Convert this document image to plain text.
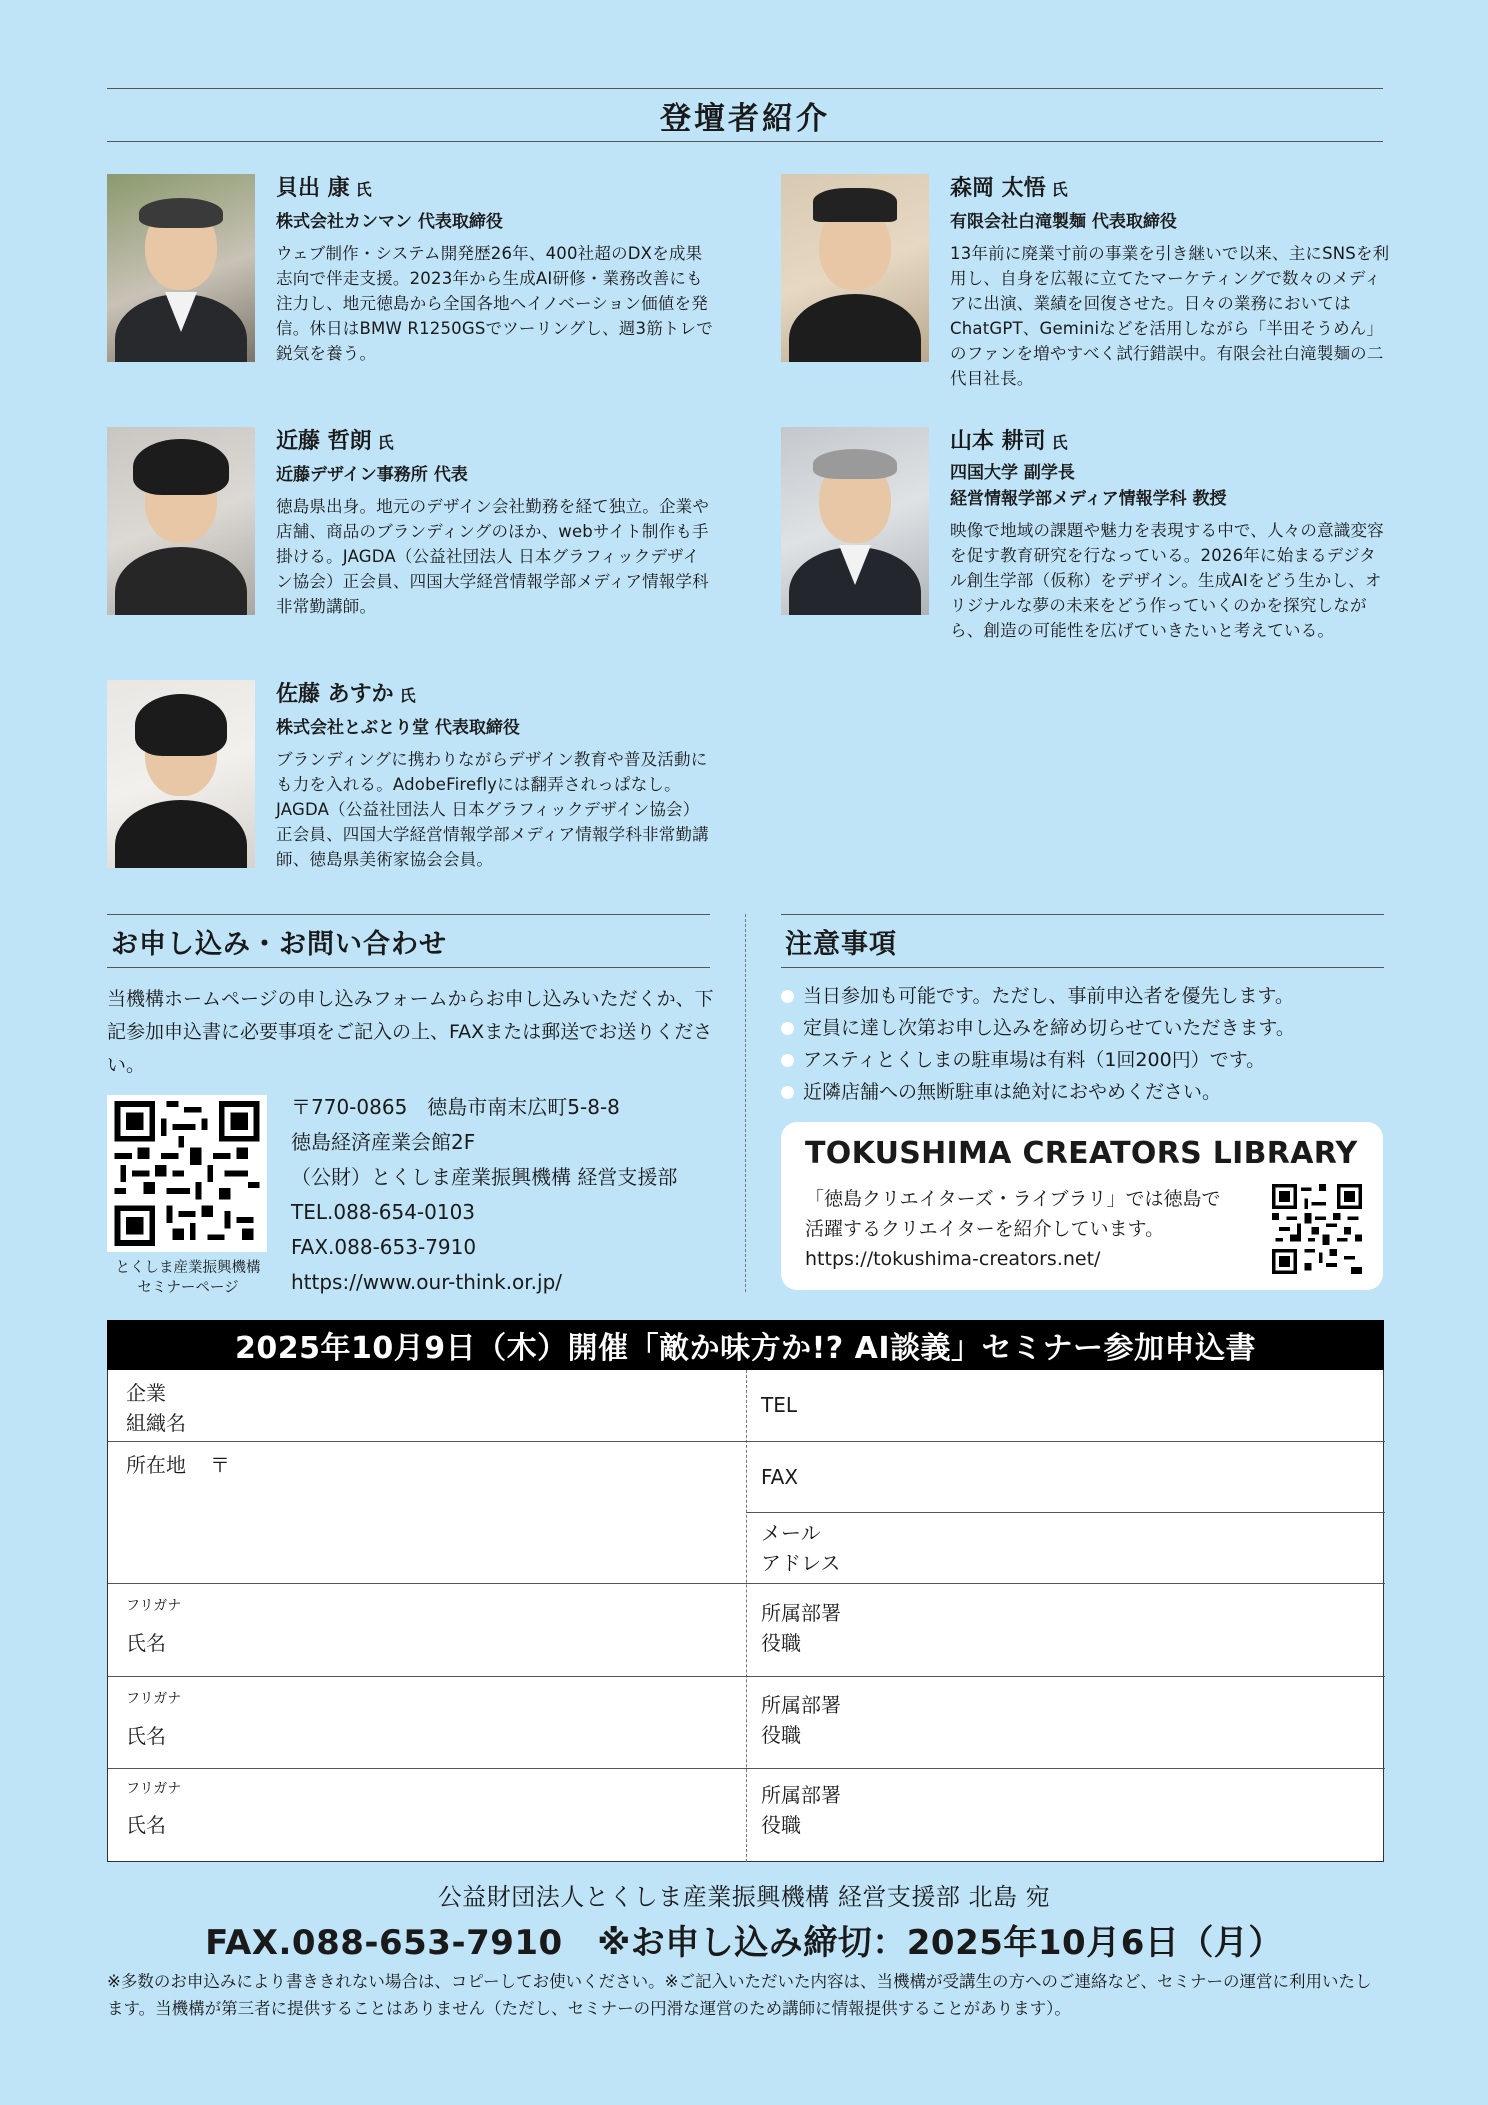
登壇者紹介
貝出 康 氏
株式会社カンマン 代表取締役
ウェブ制作・システム開発歴26年、400社超のDXを成果志向で伴走支援。2023年から生成AI研修・業務改善にも注力し、地元徳島から全国各地へイノベーション価値を発信。休日はBMW R1250GSでツーリングし、週3筋トレで鋭気を養う。
森岡 太悟 氏
有限会社白滝製麺 代表取締役
13年前に廃業寸前の事業を引き継いで以来、主にSNSを利用し、自身を広報に立てたマーケティングで数々のメディアに出演、業績を回復させた。日々の業務においてはChatGPT、Geminiなどを活用しながら「半田そうめん」のファンを増やすべく試行錯誤中。有限会社白滝製麺の二代目社長。
近藤 哲朗 氏
近藤デザイン事務所 代表
徳島県出身。地元のデザイン会社勤務を経て独立。企業や店舗、商品のブランディングのほか、webサイト制作も手掛ける。JAGDA（公益社団法人 日本グラフィックデザイン協会）正会員、四国大学経営情報学部メディア情報学科非常勤講師。
山本 耕司 氏
四国大学 副学長
経営情報学部メディア情報学科 教授
映像で地域の課題や魅力を表現する中で、人々の意識変容を促す教育研究を行なっている。2026年に始まるデジタル創生学部（仮称）をデザイン。生成AIをどう生かし、オリジナルな夢の未来をどう作っていくのかを探究しながら、創造の可能性を広げていきたいと考えている。
佐藤 あすか 氏
株式会社とぶとり堂 代表取締役
ブランディングに携わりながらデザイン教育や普及活動にも力を入れる。AdobeFireflyには翻弄されっぱなし。JAGDA（公益社団法人 日本グラフィックデザイン協会）正会員、四国大学経営情報学部メディア情報学科非常勤講師、徳島県美術家協会会員。
お申し込み・お問い合わせ
当機構ホームページの申し込みフォームからお申し込みいただくか、下記参加申込書に必要事項をご記入の上、FAXまたは郵送でお送りください。
とくしま産業振興機構
セミナーページ
〒770-0865　徳島市南末広町5-8-8
徳島経済産業会館2F
（公財）とくしま産業振興機構 経営支援部
TEL.088-654-0103
FAX.088-653-7910
https://www.our-think.or.jp/
注意事項
当日参加も可能です。ただし、事前申込者を優先します。
定員に達し次第お申し込みを締め切らせていただきます。
アスティとくしまの駐車場は有料（1回200円）です。
近隣店舗への無断駐車は絶対におやめください。
TOKUSHIMA CREATORS LIBRARY
「徳島クリエイターズ・ライブラリ」では徳島で
活躍するクリエイターを紹介しています。
https://tokushima-creators.net/
2025年10月9日（木）開催「敵か味方か!? AI談義」セミナー参加申込書
企業
組織名
TEL
所在地 〒	FAX
メール
アドレス
フリガナ
氏名
所属部署
役職
フリガナ
氏名
所属部署
役職
フリガナ
氏名
所属部署
役職
公益財団法人とくしま産業振興機構 経営支援部 北島 宛
FAX.088-653-7910　※お申し込み締切：2025年10月6日（月）
※多数のお申込みにより書ききれない場合は、コピーしてお使いください。※ご記入いただいた内容は、当機構が受講生の方へのご連絡など、セミナーの運営に利用いたします。当機構が第三者に提供することはありません（ただし、セミナーの円滑な運営のため講師に情報提供することがあります）。
